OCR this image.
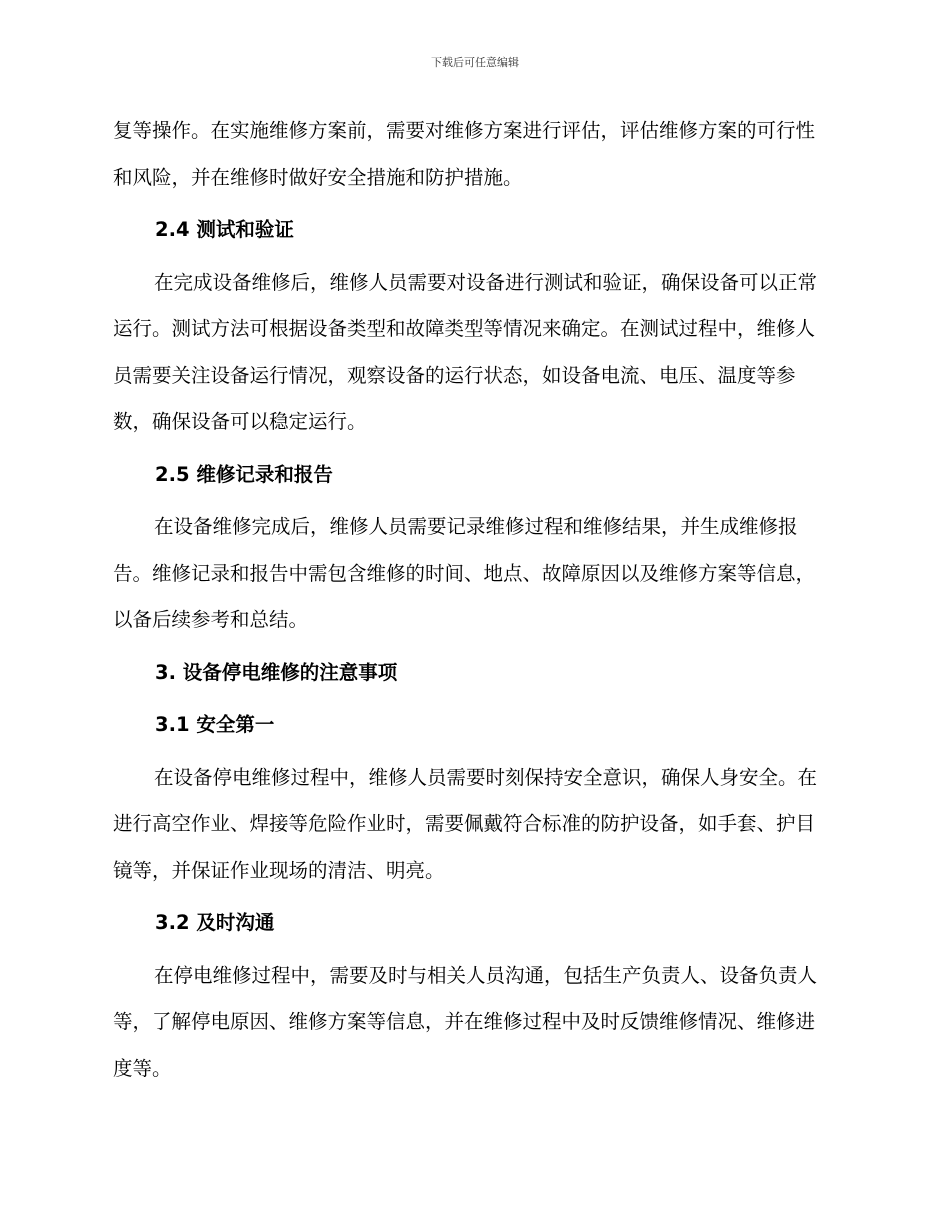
下载后可任意编辑

复等操作。在实施维修方案前，需要对维修方案进行评估，评估维修方案的可行性和风险，并在维修时做好安全措施和防护措施。

2.4 测试和验证

在完成设备维修后，维修人员需要对设备进行测试和验证，确保设备可以正常运行。测试方法可根据设备类型和故障类型等情况来确定。在测试过程中，维修人员需要关注设备运行情况，观察设备的运行状态，如设备电流、电压、温度等参数，确保设备可以稳定运行。

2.5 维修记录和报告

在设备维修完成后，维修人员需要记录维修过程和维修结果，并生成维修报告。维修记录和报告中需包含维修的时间、地点、故障原因以及维修方案等信息，以备后续参考和总结。

3. 设备停电维修的注意事项
3.1 安全第一

在设备停电维修过程中，维修人员需要时刻保持安全意识，确保人身安全。在进行高空作业、焊接等危险作业时，需要佩戴符合标准的防护设备，如手套、护目镜等，并保证作业现场的清洁、明亮。

3.2 及时沟通

在停电维修过程中，需要及时与相关人员沟通，包括生产负责人、设备负责人等，了解停电原因、维修方案等信息，并在维修过程中及时反馈维修情况、维修进度等。
